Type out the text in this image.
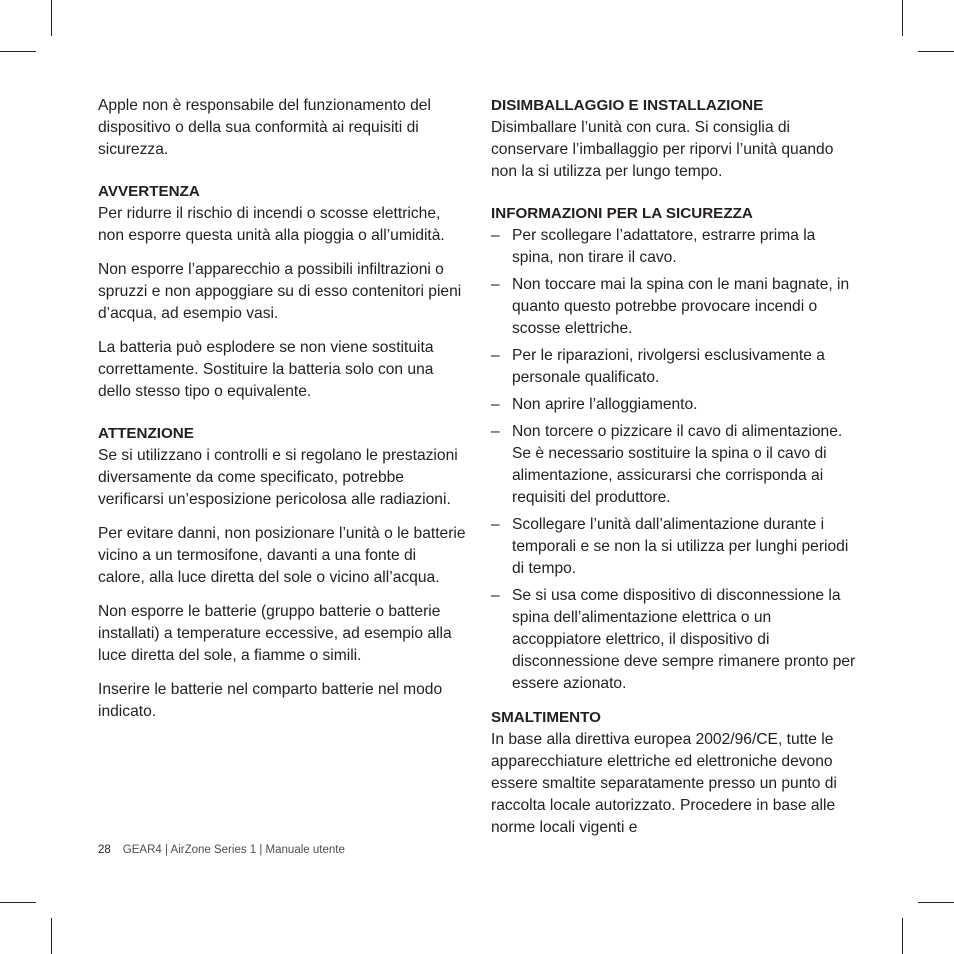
Apple non è responsabile del funzionamento del dispositivo o della sua conformità ai requisiti di sicurezza.

AVVERTENZA

Per ridurre il rischio di incendi o scosse elettriche, non esporre questa unità alla pioggia o all’umidità.

Non esporre l’apparecchio a possibili infiltrazioni o spruzzi e non appoggiare su di esso contenitori pieni d’acqua, ad esempio vasi.

La batteria può esplodere se non viene sostituita correttamente. Sostituire la batteria solo con una dello stesso tipo o equivalente.

ATTENZIONE

Se si utilizzano i controlli e si regolano le prestazioni diversamente da come specificato, potrebbe verificarsi un’esposizione pericolosa alle radiazioni.

Per evitare danni, non posizionare l’unità o le batterie vicino a un termosifone, davanti a una fonte di calore, alla luce diretta del sole o vicino all’acqua.

Non esporre le batterie (gruppo batterie o batterie installati) a temperature eccessive, ad esempio alla luce diretta del sole, a fiamme o simili.

Inserire le batterie nel comparto batterie nel modo indicato.

DISIMBALLAGGIO E INSTALLAZIONE

Disimballare l’unità con cura. Si consiglia di conservare l’imballaggio per riporvi l’unità quando non la si utilizza per lungo tempo.

INFORMAZIONI PER LA SICUREZZA
– Per scollegare l’adattatore, estrarre prima la spina, non tirare il cavo.
– Non toccare mai la spina con le mani bagnate, in quanto questo potrebbe provocare incendi o scosse elettriche.
– Per le riparazioni, rivolgersi esclusivamente a personale qualificato.
– Non aprire l’alloggiamento.
– Non torcere o pizzicare il cavo di alimentazione. Se è necessario sostituire la spina o il cavo di alimentazione, assicurarsi che corrisponda ai requisiti del produttore.
– Scollegare l’unità dall’alimentazione durante i temporali e se non la si utilizza per lunghi periodi di tempo.
– Se si usa come dispositivo di disconnessione la spina dell’alimentazione elettrica o un accoppiatore elettrico, il dispositivo di disconnessione deve sempre rimanere pronto per essere azionato.
SMALTIMENTO

In base alla direttiva europea 2002/96/CE, tutte le apparecchiature elettriche ed elettroniche devono essere smaltite separatamente presso un punto di raccolta locale autorizzato. Procedere in base alle norme locali vigenti e

28 GEAR4 | AirZone Series 1 | Manuale utente
